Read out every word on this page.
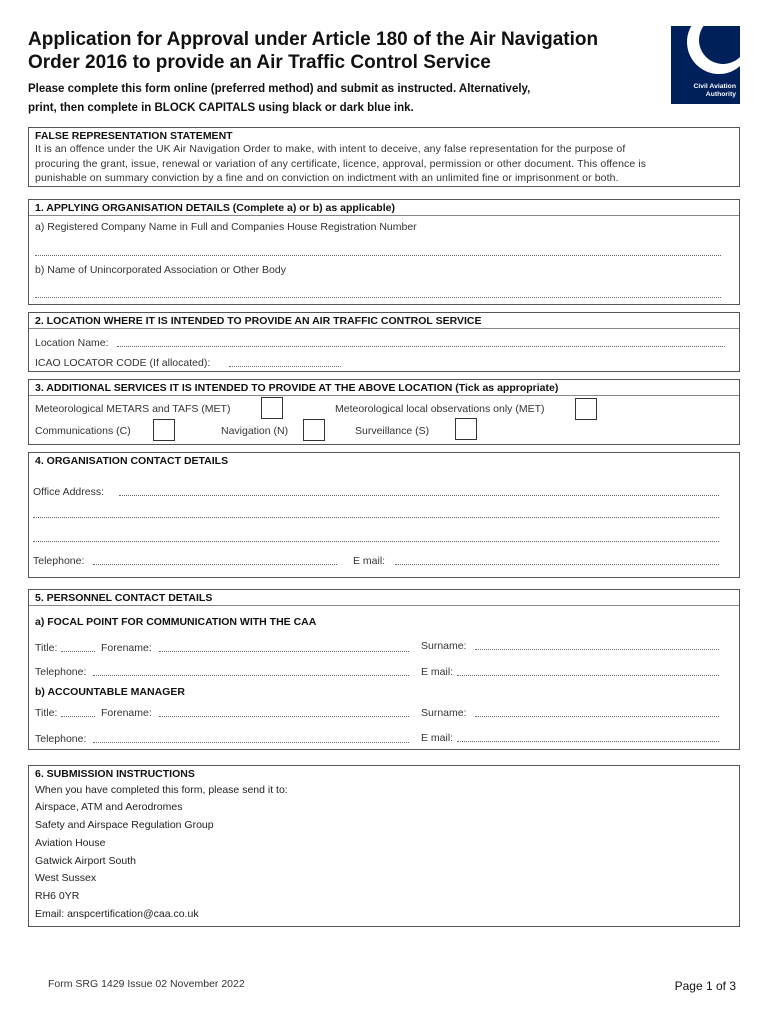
Application for Approval under Article 180 of the Air Navigation
Order 2016 to provide an Air Traffic Control Service
Please complete this form online (preferred method) and submit as instructed. Alternatively,
print, then complete in BLOCK CAPITALS using black or dark blue ink.
Civil Aviation
Authority
FALSE REPRESENTATION STATEMENT
It is an offence under the UK Air Navigation Order to make, with intent to deceive, any false representation for the purpose of
procuring the grant, issue, renewal or variation of any certificate, licence, approval, permission or other document. This offence is
punishable on summary conviction by a fine and on conviction on indictment with an unlimited fine or imprisonment or both.
1. APPLYING ORGANISATION DETAILS (Complete a) or b) as applicable)
a) Registered Company Name in Full and Companies House Registration Number
b) Name of Unincorporated Association or Other Body
2. LOCATION WHERE IT IS INTENDED TO PROVIDE AN AIR TRAFFIC CONTROL SERVICE
Location Name:
ICAO LOCATOR CODE (If allocated):
3. ADDITIONAL SERVICES IT IS INTENDED TO PROVIDE AT THE ABOVE LOCATION (Tick as appropriate)
Meteorological METARS and TAFS (MET)	Meteorological local observations only (MET)
Communications (C)	Navigation (N)	Surveillance (S)
4. ORGANISATION CONTACT DETAILS
Office Address:
Telephone:	E mail:
5. PERSONNEL CONTACT DETAILS
a) FOCAL POINT FOR COMMUNICATION WITH THE CAA
Title:	Forename:	Surname:
Telephone:	E mail:
b) ACCOUNTABLE MANAGER
Title:	Forename:	Surname:
Telephone:	E mail:
6. SUBMISSION INSTRUCTIONS
When you have completed this form, please send it to:
Airspace, ATM and Aerodromes
Safety and Airspace Regulation Group
Aviation House
Gatwick Airport South
West Sussex
RH6 0YR
Email: anspcertification@caa.co.uk
Form SRG 1429 Issue 02 November 2022	Page 1 of 3
